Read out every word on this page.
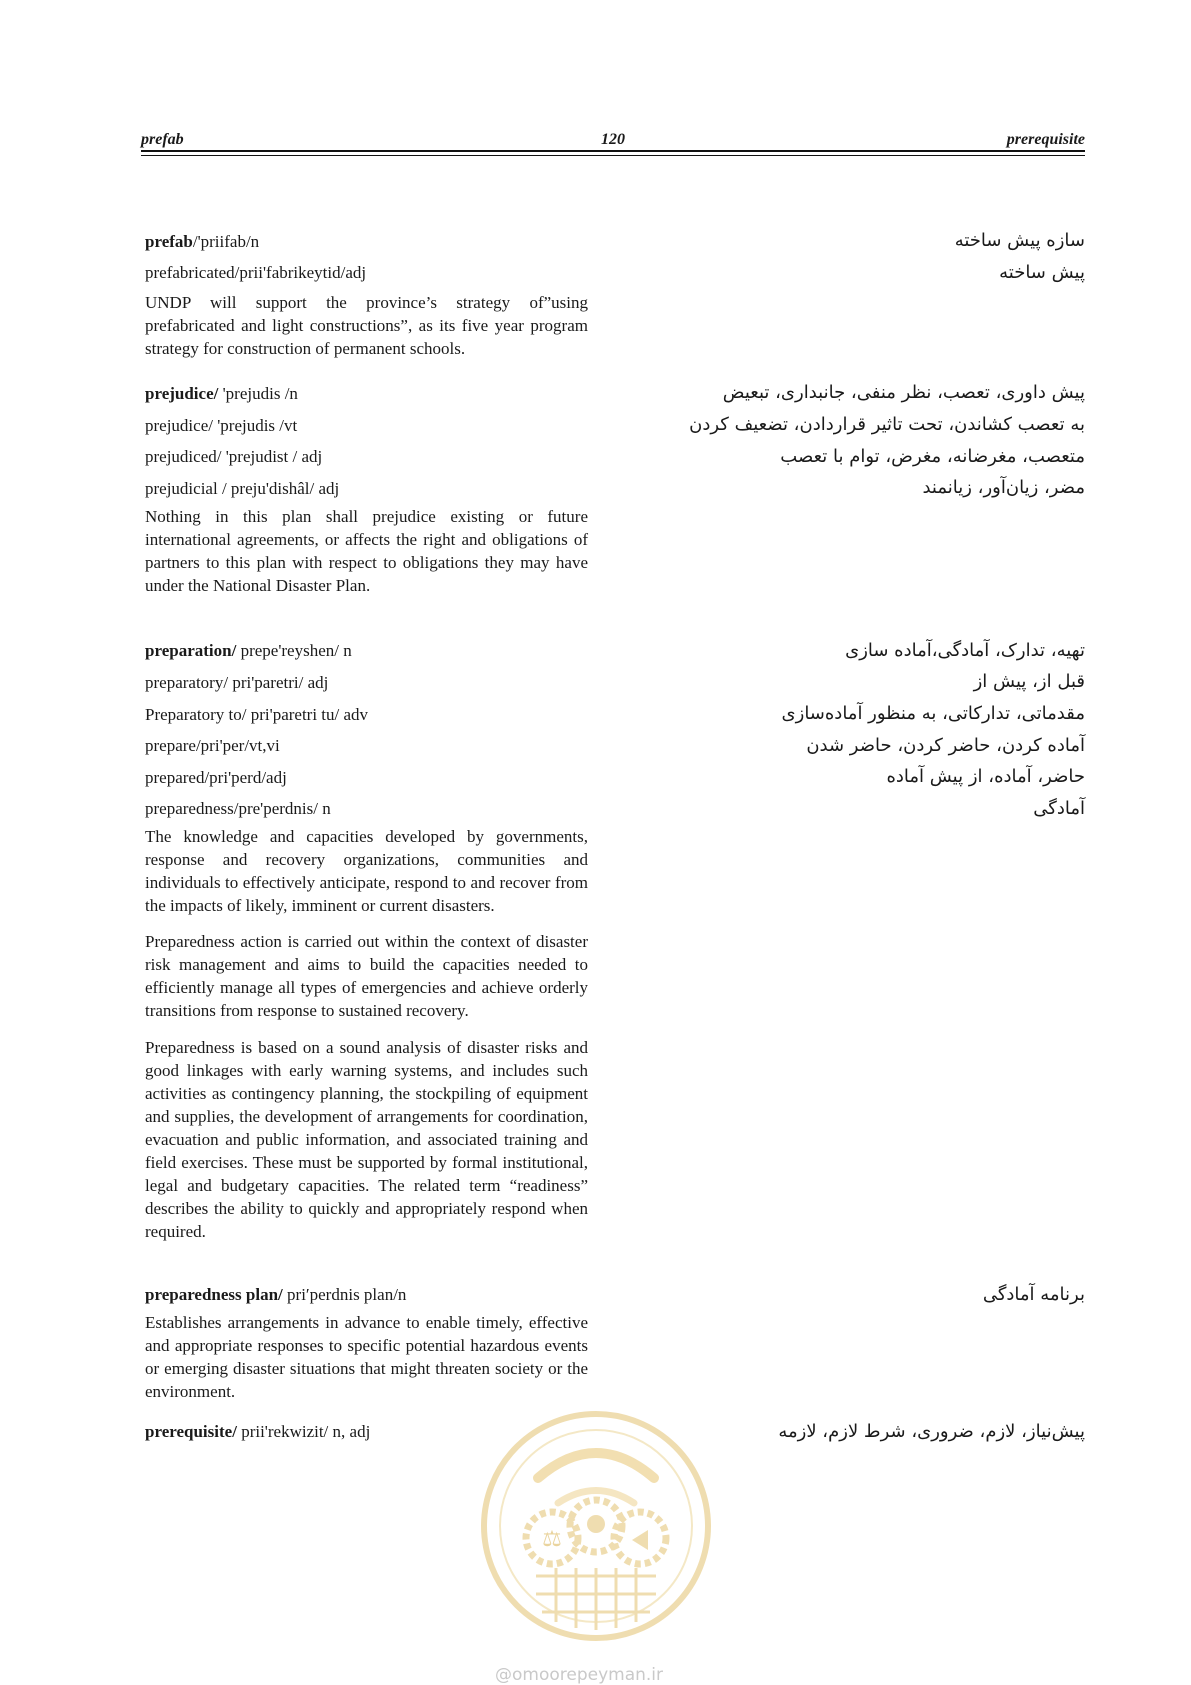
prefab	120	prerequisite
prefab/'priifab/n	سازه پیش ساخته
prefabricated/prii'fabrikeytid/adj	پیش ساخته
UNDP will support the province’s strategy of”using prefabricated and light constructions”, as its five year program strategy for construction of permanent schools.
prejudice/ 'prejudis /n	پیش داوری، تعصب، نظر منفی، جانبداری، تبعیض
prejudice/ 'prejudis /vt	به تعصب کشاندن، تحت تاثیر قراردادن، تضعیف کردن
prejudiced/ 'prejudist / adj	متعصب، مغرضانه، مغرض، توام با تعصب
prejudicial / preju'dishâl/ adj	مضر، زیان‌آور، زیانمند
Nothing in this plan shall prejudice existing or future international agreements, or affects the right and obligations of partners to this plan with respect to obligations they may have under the National Disaster Plan.
preparation/ prepe'reyshen/ n	تهیه، تدارک، آمادگی،آماده سازی
preparatory/ pri'paretri/ adj	قبل از، پیش از
Preparatory to/ pri'paretri tu/ adv	مقدماتی، تدارکاتی، به منظور آماده‌سازی
prepare/pri'per/vt,vi	آماده کردن، حاضر کردن، حاضر شدن
prepared/pri'perd/adj	حاضر، آماده، از پیش آماده
preparedness/pre'perdnis/ n	آمادگی
The knowledge and capacities developed by governments, response and recovery organizations, communities and individuals to effectively anticipate, respond to and recover from the impacts of likely, imminent or current disasters.
Preparedness action is carried out within the context of disaster risk management and aims to build the capacities needed to efficiently manage all types of emergencies and achieve orderly transitions from response to sustained recovery.
Preparedness is based on a sound analysis of disaster risks and good linkages with early warning systems, and includes such activities as contingency planning, the stockpiling of equipment and supplies, the development of arrangements for coordination, evacuation and public information, and associated training and field exercises. These must be supported by formal institutional, legal and budgetary capacities. The related term “readiness” describes the ability to quickly and appropriately respond when required.
preparedness plan/ pri′perdnis plan/n	برنامه آمادگی
Establishes arrangements in advance to enable timely, effective and appropriate responses to specific potential hazardous events or emerging disaster situations that might threaten society or the environment.
prerequisite/ prii'rekwizit/ n, adj	پیش‌نیاز، لازم، ضروری، شرط لازم، لازمه
⚖
@omoorepeyman.ir
